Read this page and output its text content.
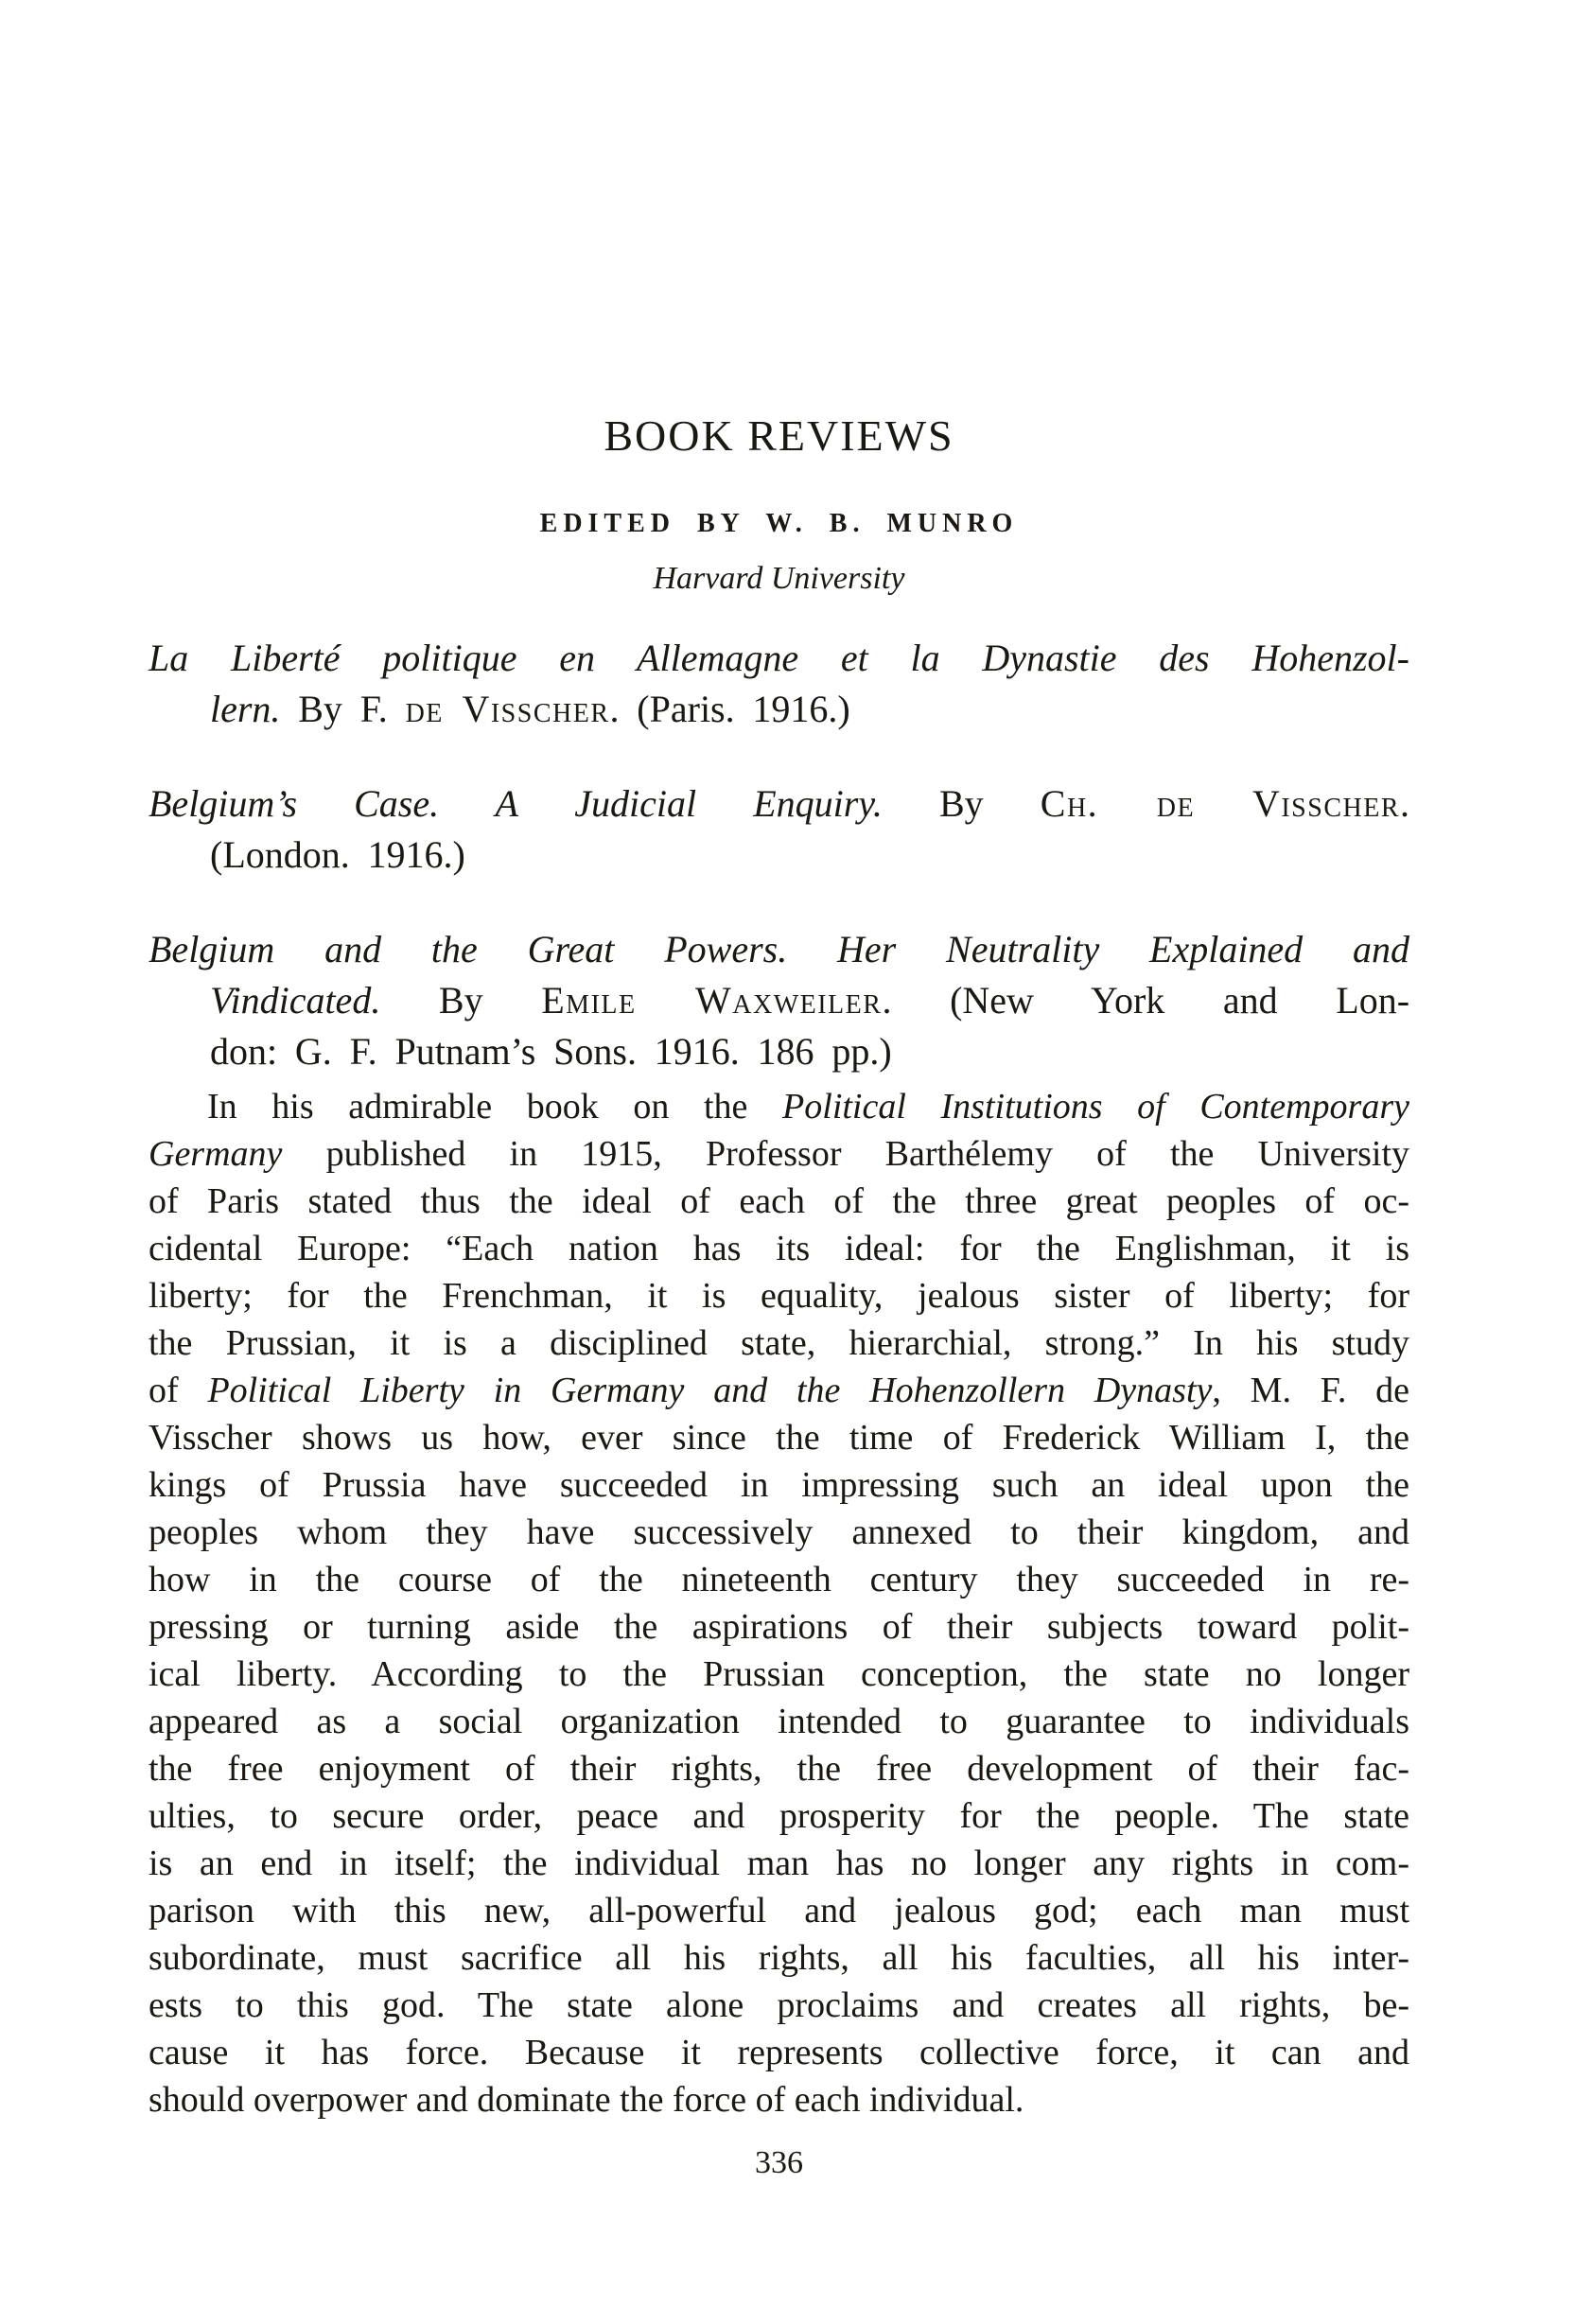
BOOK REVIEWS
EDITED BY W. B. MUNRO
Harvard University
La Liberté politique en Allemagne et la Dynastie des Hohenzol-
lern. By F. de Visscher. (Paris. 1916.)
Belgium’s Case. A Judicial Enquiry. By Ch. de Visscher.
(London. 1916.)
Belgium and the Great Powers. Her Neutrality Explained and
Vindicated. By Emile Waxweiler. (New York and Lon-
don: G. F. Putnam’s Sons. 1916. 186 pp.)
In his admirable book on the Political Institutions of Contemporary
Germany published in 1915, Professor Barthélemy of the University
of Paris stated thus the ideal of each of the three great peoples of oc-
cidental Europe: “Each nation has its ideal: for the Englishman, it is
liberty; for the Frenchman, it is equality, jealous sister of liberty; for
the Prussian, it is a disciplined state, hierarchial, strong.” In his study
of Political Liberty in Germany and the Hohenzollern Dynasty, M. F. de
Visscher shows us how, ever since the time of Frederick William I, the
kings of Prussia have succeeded in impressing such an ideal upon the
peoples whom they have successively annexed to their kingdom, and
how in the course of the nineteenth century they succeeded in re-
pressing or turning aside the aspirations of their subjects toward polit-
ical liberty. According to the Prussian conception, the state no longer
appeared as a social organization intended to guarantee to individuals
the free enjoyment of their rights, the free development of their fac-
ulties, to secure order, peace and prosperity for the people. The state
is an end in itself; the individual man has no longer any rights in com-
parison with this new, all-powerful and jealous god; each man must
subordinate, must sacrifice all his rights, all his faculties, all his inter-
ests to this god. The state alone proclaims and creates all rights, be-
cause it has force. Because it represents collective force, it can and
should overpower and dominate the force of each individual.
336
